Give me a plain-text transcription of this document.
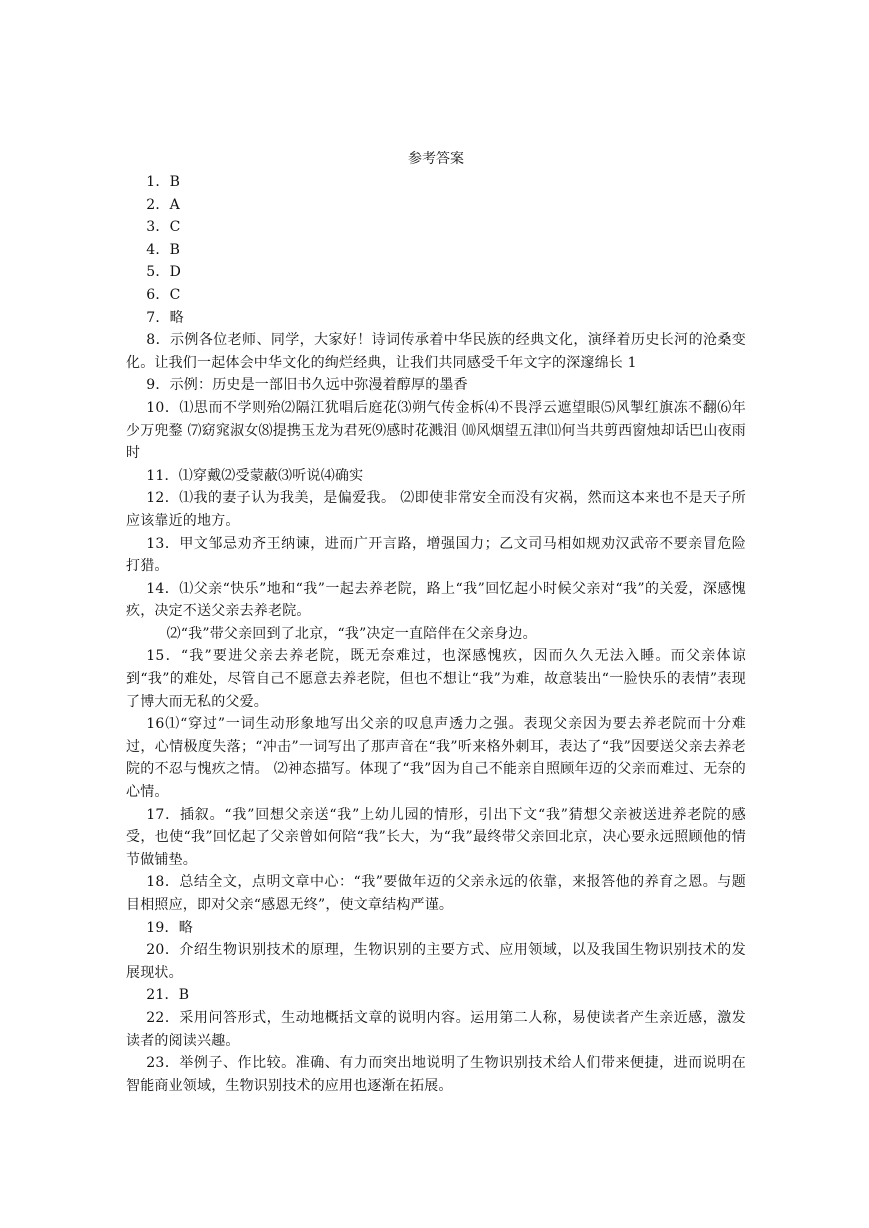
参考答案

1．B

2．A

3．C

4．B

5．D

6．C

7．略

8．示例各位老师、同学，大家好！诗词传承着中华民族的经典文化，演绎着历史长河的沧桑变化。让我们一起体会中华文化的绚烂经典，让我们共同感受千年文字的深邃绵长 1

9．示例：历史是一部旧书久远中弥漫着醇厚的墨香

10．⑴思而不学则殆⑵隔江犹唱后庭花⑶朔气传金柝⑷不畏浮云遮望眼⑸风掣红旗冻不翻⑹年少万兜鍪 ⑺窈窕淑女⑻提携玉龙为君死⑼感时花溅泪 ⑽风烟望五津⑾何当共剪西窗烛却话巴山夜雨时

11．⑴穿戴⑵受蒙蔽⑶听说⑷确实

12．⑴我的妻子认为我美，是偏爱我。 ⑵即使非常安全而没有灾祸，然而这本来也不是天子所应该靠近的地方。

13．甲文邹忌劝齐王纳谏，进而广开言路，增强国力；乙文司马相如规劝汉武帝不要亲冒危险打猎。

14．⑴父亲“快乐”地和“我”一起去养老院，路上“我”回忆起小时候父亲对“我”的关爱，深感愧疚，决定不送父亲去养老院。

⑵“我”带父亲回到了北京，“我”决定一直陪伴在父亲身边。

15．“我”要进父亲去养老院，既无奈难过，也深感愧疚，因而久久无法入睡。而父亲体谅到“我”的难处，尽管自己不愿意去养老院，但也不想让“我”为难，故意装出“一脸快乐的表情”表现了博大而无私的父爱。

16⑴“穿过”一词生动形象地写出父亲的叹息声透力之强。表现父亲因为要去养老院而十分难过，心情极度失落；“冲击”一词写出了那声音在“我”听来格外刺耳，表达了“我”因要送父亲去养老院的不忍与愧疚之情。 ⑵神态描写。体现了“我”因为自己不能亲自照顾年迈的父亲而难过、无奈的心情。

17．插叙。“我”回想父亲送“我”上幼儿园的情形，引出下文“我”猜想父亲被送进养老院的感受，也使“我”回忆起了父亲曾如何陪“我”长大，为“我”最终带父亲回北京，决心要永远照顾他的情节做铺垫。

18．总结全文，点明文章中心：“我”要做年迈的父亲永远的依靠，来报答他的养育之恩。与题目相照应，即对父亲“感恩无终”，使文章结构严谨。

19．略

20．介绍生物识别技术的原理，生物识别的主要方式、应用领域，以及我国生物识别技术的发展现状。

21．B

22．采用问答形式，生动地概括文章的说明内容。运用第二人称，易使读者产生亲近感，激发读者的阅读兴趣。

23．举例子、作比较。准确、有力而突出地说明了生物识别技术给人们带来便捷，进而说明在智能商业领域，生物识别技术的应用也逐渐在拓展。
